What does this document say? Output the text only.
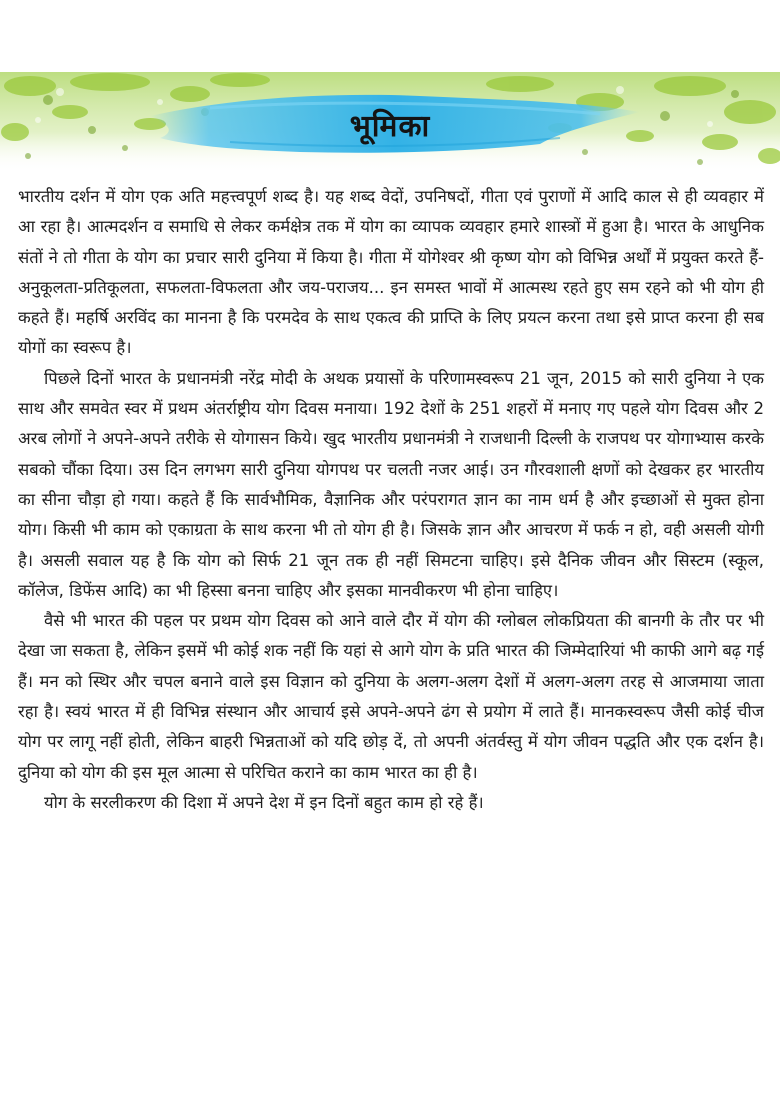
भूमिका

भारतीय दर्शन में योग एक अति महत्त्वपूर्ण शब्द है। यह शब्द वेदों, उपनिषदों, गीता एवं पुराणों में आदि काल से ही व्यवहार में आ रहा है। आत्मदर्शन व समाधि से लेकर कर्मक्षेत्र तक में योग का व्यापक व्यवहार हमारे शास्त्रों में हुआ है। भारत के आधुनिक संतों ने तो गीता के योग का प्रचार सारी दुनिया में किया है। गीता में योगेश्वर श्री कृष्ण योग को विभिन्न अर्थों में प्रयुक्त करते हैं- अनुकूलता-प्रतिकूलता, सफलता-विफलता और जय-पराजय... इन समस्त भावों में आत्मस्थ रहते हुए सम रहने को भी योग ही कहते हैं। महर्षि अरविंद का मानना है कि परमदेव के साथ एकत्व की प्राप्ति के लिए प्रयत्न करना तथा इसे प्राप्त करना ही सब योगों का स्वरूप है।

पिछले दिनों भारत के प्रधानमंत्री नरेंद्र मोदी के अथक प्रयासों के परिणामस्वरूप 21 जून, 2015 को सारी दुनिया ने एक साथ और समवेत स्वर में प्रथम अंतर्राष्ट्रीय योग दिवस मनाया। 192 देशों के 251 शहरों में मनाए गए पहले योग दिवस और 2 अरब लोगों ने अपने-अपने तरीके से योगासन किये। खुद भारतीय प्रधानमंत्री ने राजधानी दिल्ली के राजपथ पर योगाभ्यास करके सबको चौंका दिया। उस दिन लगभग सारी दुनिया योगपथ पर चलती नजर आई। उन गौरवशाली क्षणों को देखकर हर भारतीय का सीना चौड़ा हो गया। कहते हैं कि सार्वभौमिक, वैज्ञानिक और परंपरागत ज्ञान का नाम धर्म है और इच्छाओं से मुक्त होना योग। किसी भी काम को एकाग्रता के साथ करना भी तो योग ही है। जिसके ज्ञान और आचरण में फर्क न हो, वही असली योगी है। असली सवाल यह है कि योग को सिर्फ 21 जून तक ही नहीं सिमटना चाहिए। इसे दैनिक जीवन और सिस्टम (स्कूल, कॉलेज, डिफेंस आदि) का भी हिस्सा बनना चाहिए और इसका मानवीकरण भी होना चाहिए।

वैसे भी भारत की पहल पर प्रथम योग दिवस को आने वाले दौर में योग की ग्लोबल लोकप्रियता की बानगी के तौर पर भी देखा जा सकता है, लेकिन इसमें भी कोई शक नहीं कि यहां से आगे योग के प्रति भारत की जिम्मेदारियां भी काफी आगे बढ़ गई हैं। मन को स्थिर और चपल बनाने वाले इस विज्ञान को दुनिया के अलग-अलग देशों में अलग-अलग तरह से आजमाया जाता रहा है। स्वयं भारत में ही विभिन्न संस्थान और आचार्य इसे अपने-अपने ढंग से प्रयोग में लाते हैं। मानकस्वरूप जैसी कोई चीज योग पर लागू नहीं होती, लेकिन बाहरी भिन्नताओं को यदि छोड़ दें, तो अपनी अंतर्वस्तु में योग जीवन पद्धति और एक दर्शन है। दुनिया को योग की इस मूल आत्मा से परिचित कराने का काम भारत का ही है।

योग के सरलीकरण की दिशा में अपने देश में इन दिनों बहुत काम हो रहे हैं।
